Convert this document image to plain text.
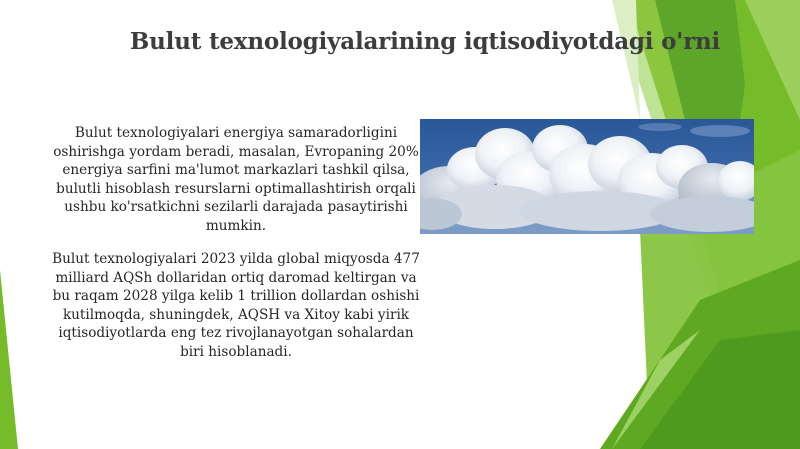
Bulut texnologiyalarining iqtisodiyotdagi o'rni

Bulut texnologiyalari energiya samaradorligini oshirishga yordam beradi, masalan, Evropaning 20% energiya sarfini ma'lumot markazlari tashkil qilsa, bulutli hisoblash resurslarni optimallashtirish orqali ushbu ko'rsatkichni sezilarli darajada pasaytirishi mumkin.

Bulut texnologiyalari 2023 yilda global miqyosda 477 milliard AQSh dollaridan ortiq daromad keltirgan va bu raqam 2028 yilga kelib 1 trillion dollardan oshishi kutilmoqda, shuningdek, AQSH va Xitoy kabi yirik iqtisodiyotlarda eng tez rivojlanayotgan sohalardan biri hisoblanadi.
